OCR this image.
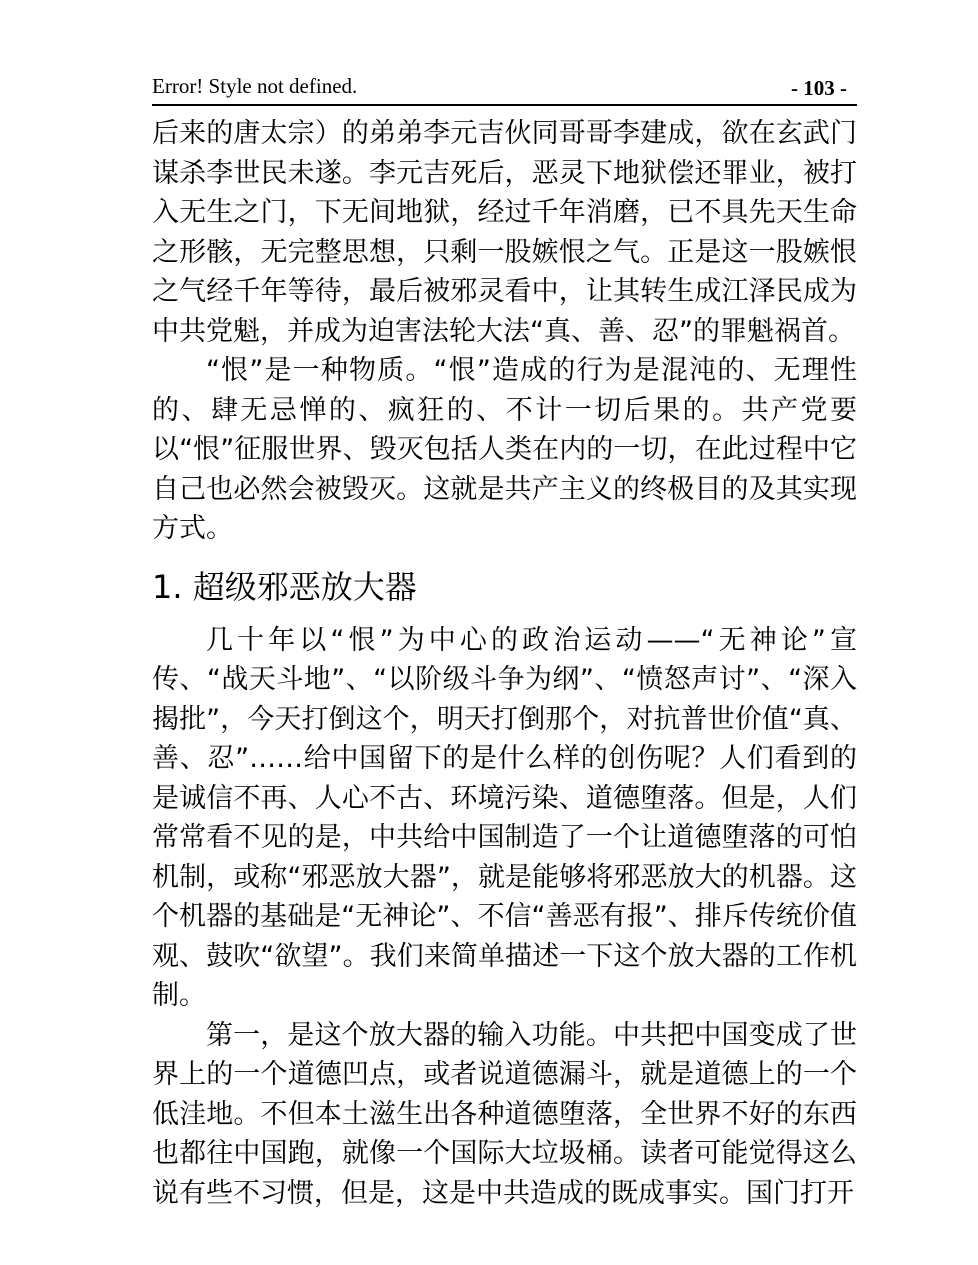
Error! Style not defined.	- 103 -

后来的唐太宗）的弟弟李元吉伙同哥哥李建成，欲在玄武门谋杀李世民未遂。李元吉死后，恶灵下地狱偿还罪业，被打入无生之门，下无间地狱，经过千年消磨，已不具先天生命之形骸，无完整思想，只剩一股嫉恨之气。正是这一股嫉恨之气经千年等待，最后被邪灵看中，让其转生成江泽民成为中共党魁，并成为迫害法轮大法“真、善、忍”的罪魁祸首。

“恨”是一种物质。“恨”造成的行为是混沌的、无理性的、肆无忌惮的、疯狂的、不计一切后果的。共产党要以“恨”征服世界、毁灭包括人类在内的一切，在此过程中它自己也必然会被毁灭。这就是共产主义的终极目的及其实现方式。

1. 超级邪恶放大器

几十年以“恨”为中心的政治运动——“无神论”宣传、“战天斗地”、“以阶级斗争为纲”、“愤怒声讨”、“深入揭批”，今天打倒这个，明天打倒那个，对抗普世价值“真、善、忍”……给中国留下的是什么样的创伤呢？人们看到的是诚信不再、人心不古、环境污染、道德堕落。但是，人们常常看不见的是，中共给中国制造了一个让道德堕落的可怕机制，或称“邪恶放大器”，就是能够将邪恶放大的机器。这个机器的基础是“无神论”、不信“善恶有报”、排斥传统价值观、鼓吹“欲望”。我们来简单描述一下这个放大器的工作机制。

第一，是这个放大器的输入功能。中共把中国变成了世界上的一个道德凹点，或者说道德漏斗，就是道德上的一个低洼地。不但本土滋生出各种道德堕落，全世界不好的东西也都往中国跑，就像一个国际大垃圾桶。读者可能觉得这么说有些不习惯，但是，这是中共造成的既成事实。国门打开
